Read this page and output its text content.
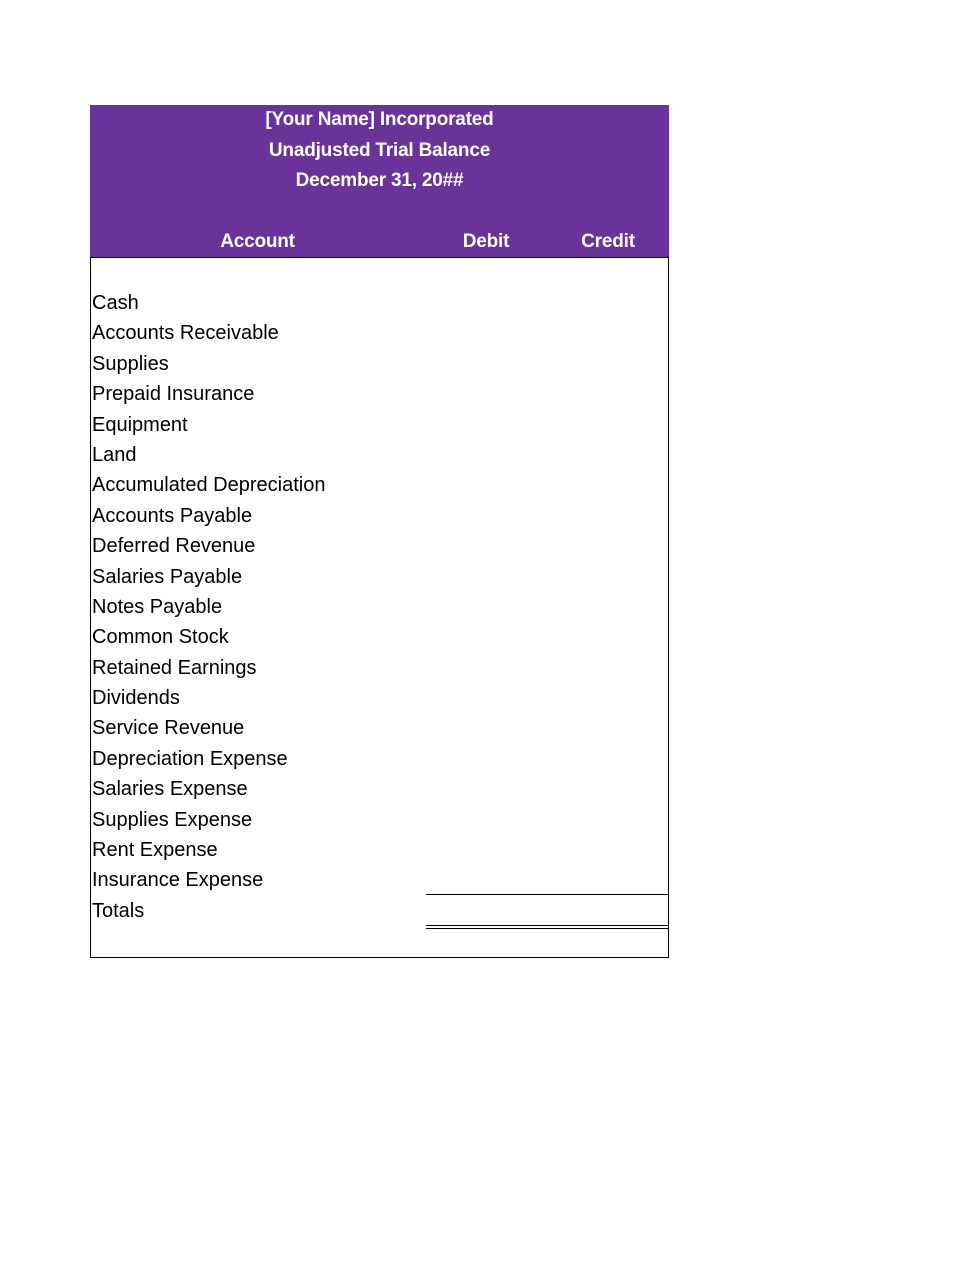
[Your Name] Incorporated
Unadjusted Trial Balance
December 31, 20##
Account	Debit	Credit
Cash
Accounts Receivable
Supplies
Prepaid Insurance
Equipment
Land
Accumulated Depreciation
Accounts Payable
Deferred Revenue
Salaries Payable
Notes Payable
Common Stock
Retained Earnings
Dividends
Service Revenue
Depreciation Expense
Salaries Expense
Supplies Expense
Rent Expense
Insurance Expense
Totals
